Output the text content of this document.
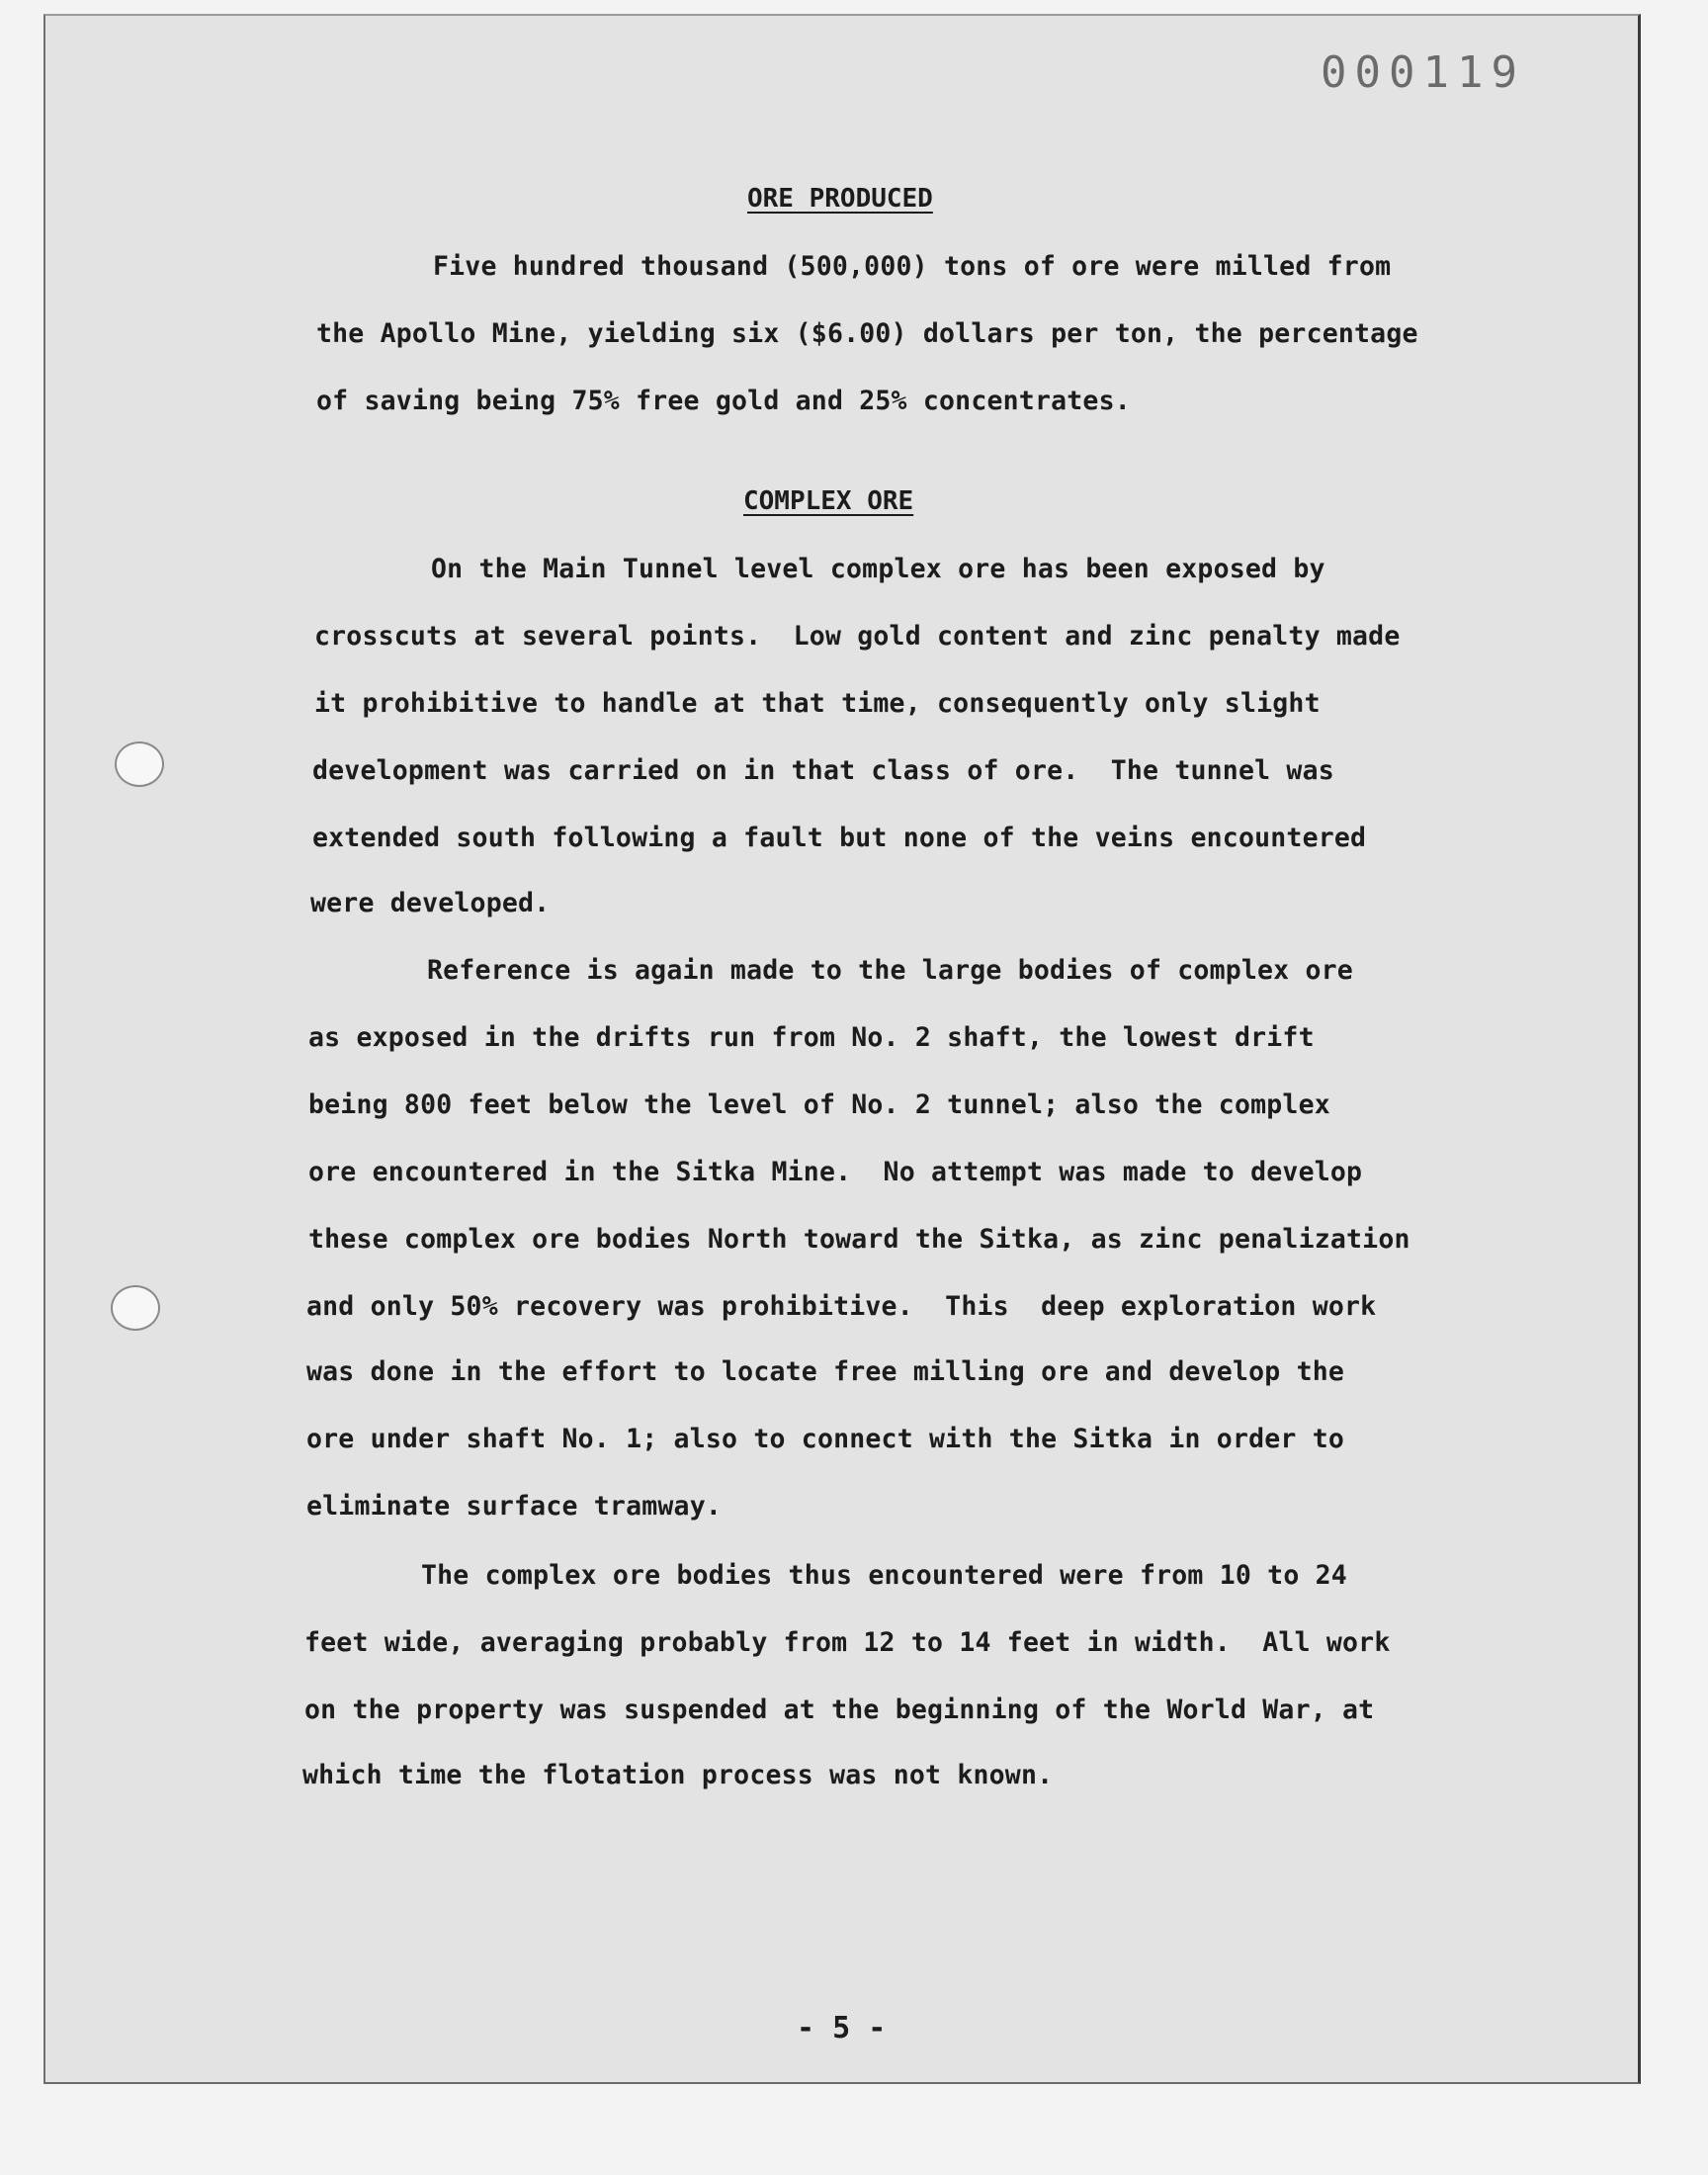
000119
ORE PRODUCED
Five hundred thousand (500,000) tons of ore were milled from
the Apollo Mine, yielding six ($6.00) dollars per ton, the percentage
of saving being 75% free gold and 25% concentrates.
COMPLEX ORE
On the Main Tunnel level complex ore has been exposed by
crosscuts at several points.  Low gold content and zinc penalty made
it prohibitive to handle at that time, consequently only slight
development was carried on in that class of ore.  The tunnel was
extended south following a fault but none of the veins encountered
were developed.
Reference is again made to the large bodies of complex ore
as exposed in the drifts run from No. 2 shaft, the lowest drift
being 800 feet below the level of No. 2 tunnel; also the complex
ore encountered in the Sitka Mine.  No attempt was made to develop
these complex ore bodies North toward the Sitka, as zinc penalization
and only 50% recovery was prohibitive.  This  deep exploration work
was done in the effort to locate free milling ore and develop the
ore under shaft No. 1; also to connect with the Sitka in order to
eliminate surface tramway.
The complex ore bodies thus encountered were from 10 to 24
feet wide, averaging probably from 12 to 14 feet in width.  All work
on the property was suspended at the beginning of the World War, at
which time the flotation process was not known.
- 5 -
